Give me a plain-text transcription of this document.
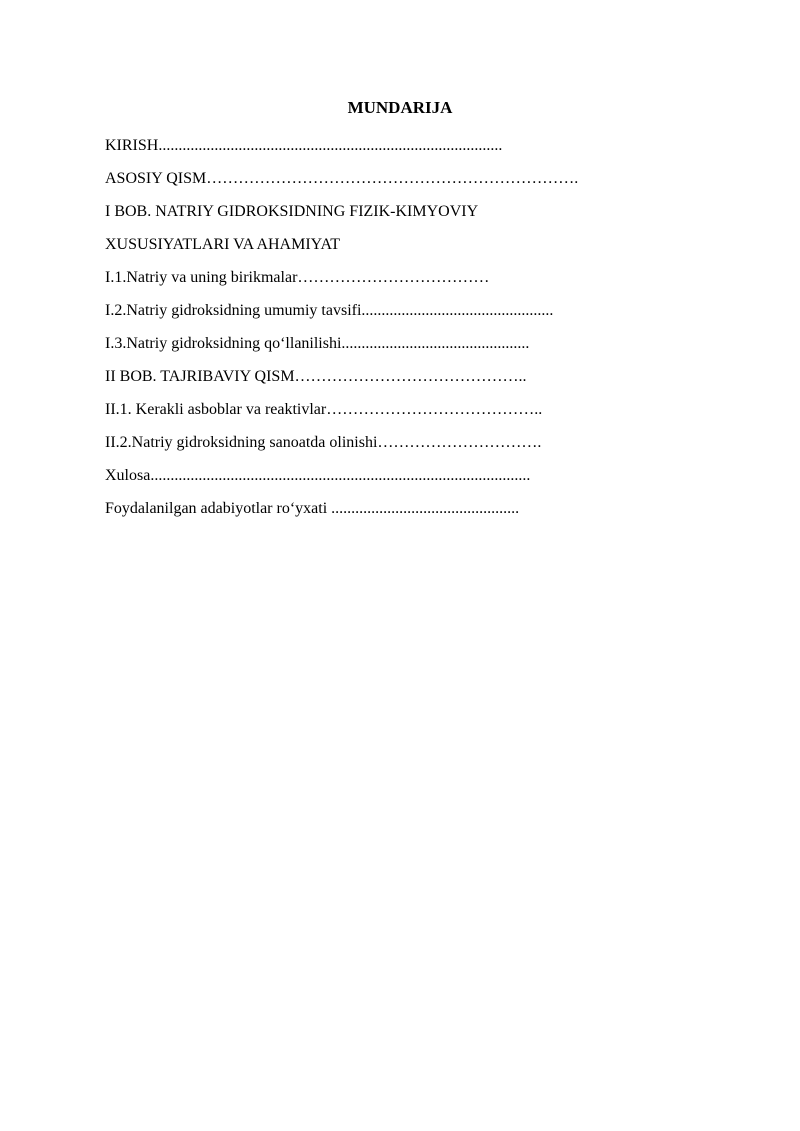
MUNDARIJA
KIRISH......................................................................................
ASOSIY QISM…………………………………………………………….
I BOB. NATRIY GIDROKSIDNING FIZIK-KIMYOVIY
XUSUSIYATLARI VA AHAMIYAT
I.1.Natriy va uning birikmalar………………………………
I.2.Natriy gidroksidning umumiy tavsifi................................................
I.3.Natriy gidroksidning qo‘llanilishi...............................................
II BOB. TAJRIBAVIY QISM……………………………………..
II.1. Kerakli asboblar va reaktivlar…………………………………..
II.2.Natriy gidroksidning sanoatda olinishi………………………….
Xulosa...............................................................................................
Foydalanilgan adabiyotlar ro‘yxati ...............................................
